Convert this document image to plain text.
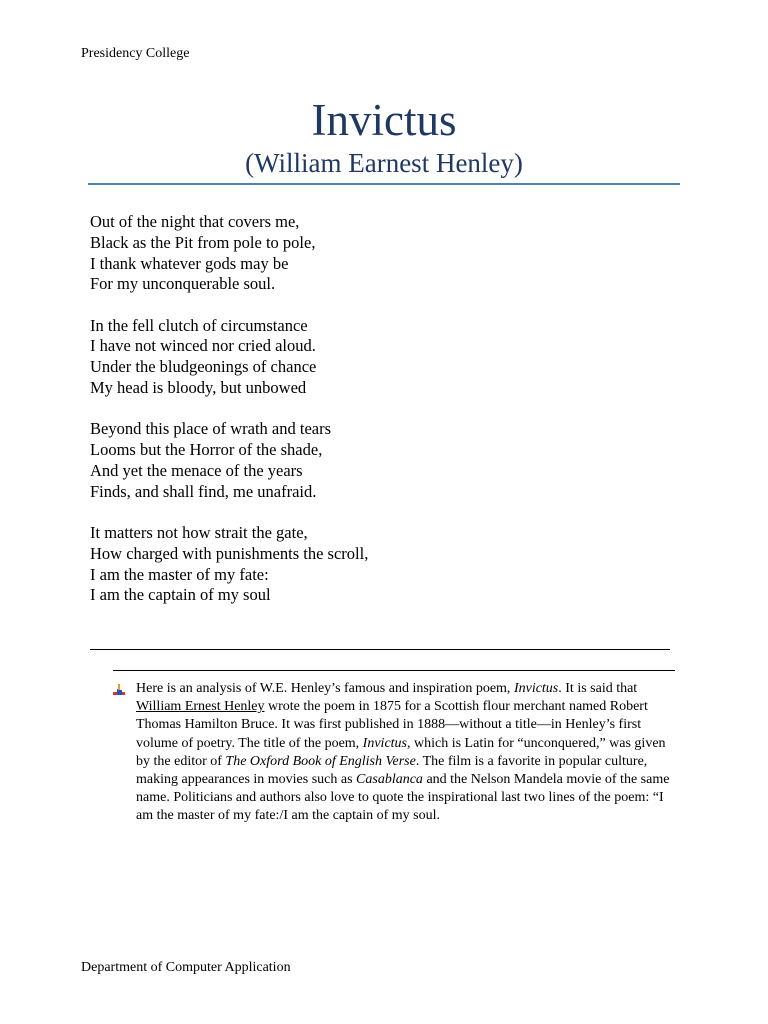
Presidency College
Invictus
(William Earnest Henley)
Out of the night that covers me,
Black as the Pit from pole to pole,
I thank whatever gods may be
For my unconquerable soul.
In the fell clutch of circumstance
I have not winced nor cried aloud.
Under the bludgeonings of chance
My head is bloody, but unbowed
Beyond this place of wrath and tears
Looms but the Horror of the shade,
And yet the menace of the years
Finds, and shall find, me unafraid.
It matters not how strait the gate,
How charged with punishments the scroll,
I am the master of my fate:
I am the captain of my soul
Here is an analysis of W.E. Henley’s famous and inspiration poem, Invictus. It is said that William Ernest Henley wrote the poem in 1875 for a Scottish flour merchant named Robert Thomas Hamilton Bruce. It was first published in 1888—without a title—in Henley’s first volume of poetry. The title of the poem, Invictus, which is Latin for “unconquered,” was given by the editor of The Oxford Book of English Verse. The film is a favorite in popular culture, making appearances in movies such as Casablanca and the Nelson Mandela movie of the same name. Politicians and authors also love to quote the inspirational last two lines of the poem: “I am the master of my fate:/I am the captain of my soul.
Department of Computer Application
